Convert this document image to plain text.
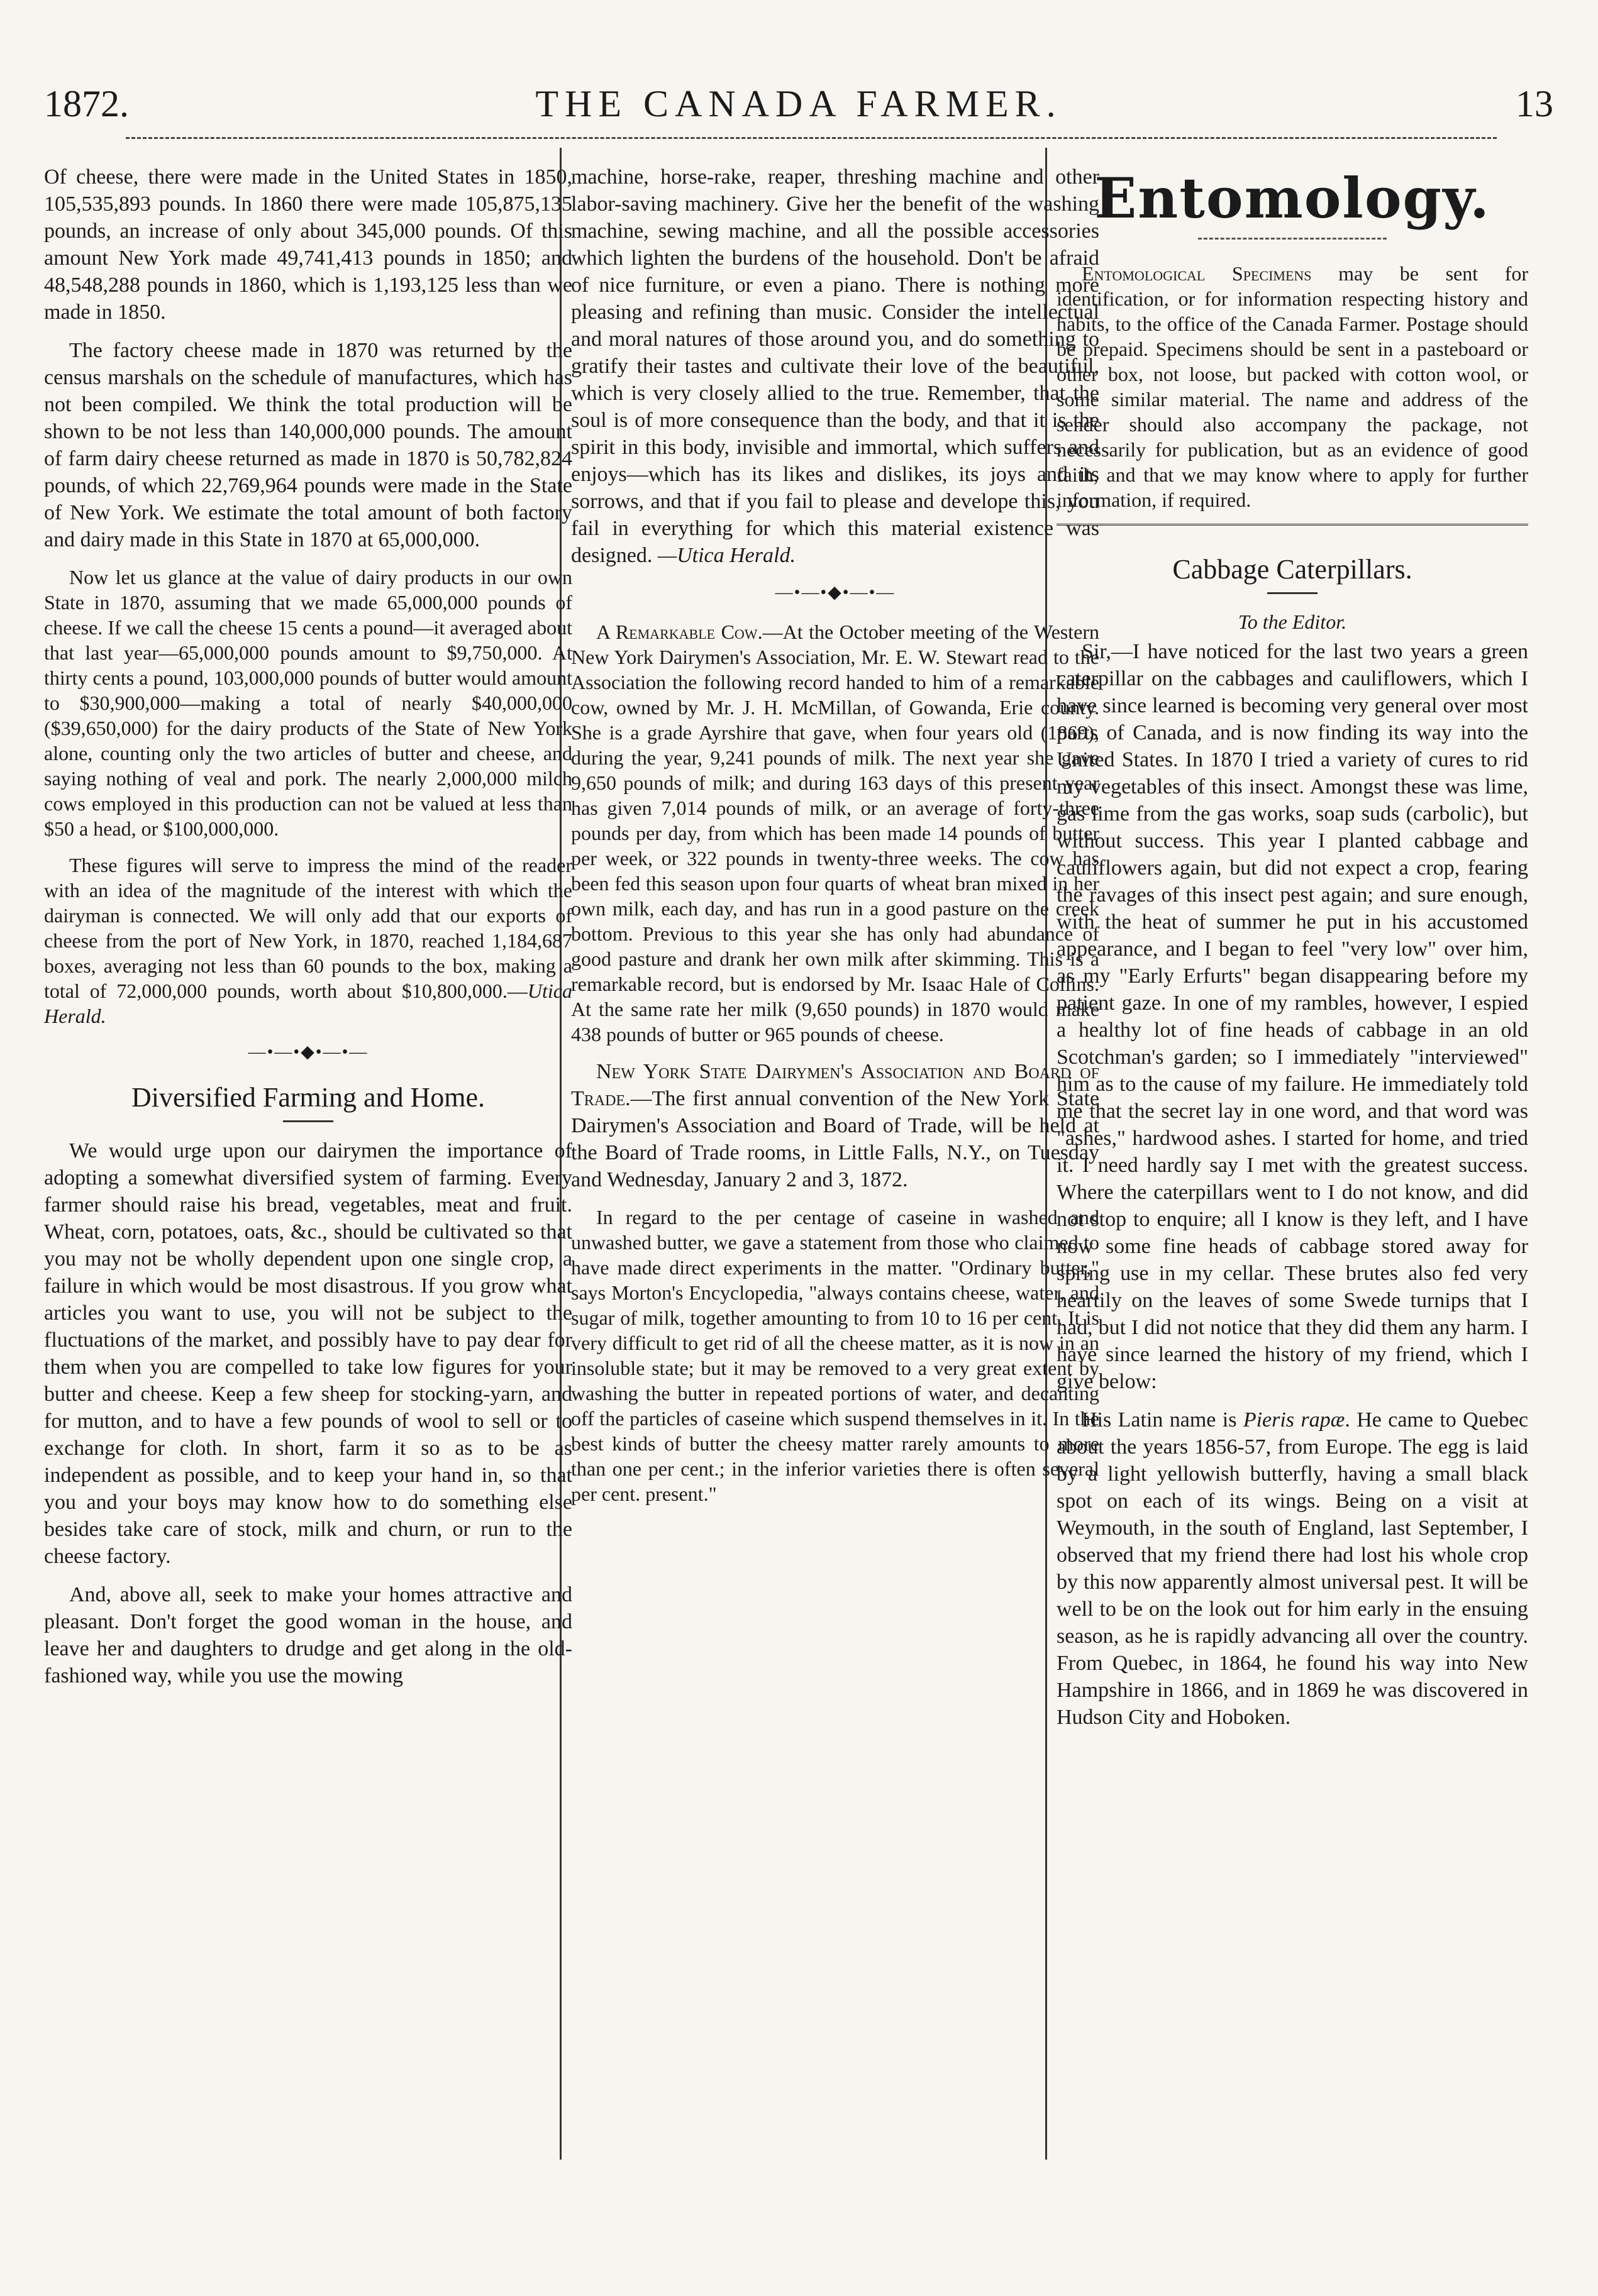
1872.	THE CANADA FARMER.	13

Of cheese, there were made in the United States in 1850, 105,535,893 pounds. In 1860 there were made 105,875,135 pounds, an increase of only about 345,000 pounds. Of this amount New York made 49,741,413 pounds in 1850; and 48,548,288 pounds in 1860, which is 1,193,125 less than we made in 1850.

The factory cheese made in 1870 was returned by the census marshals on the schedule of manufactures, which has not been compiled. We think the total production will be shown to be not less than 140,000,000 pounds. The amount of farm dairy cheese returned as made in 1870 is 50,782,824 pounds, of which 22,769,964 pounds were made in the State of New York. We estimate the total amount of both factory and dairy made in this State in 1870 at 65,000,000.

Now let us glance at the value of dairy products in our own State in 1870, assuming that we made 65,000,000 pounds of cheese. If we call the cheese 15 cents a pound—it averaged about that last year—65,000,000 pounds amount to $9,750,000. At thirty cents a pound, 103,000,000 pounds of butter would amount to $30,900,000—making a total of nearly $40,000,000 ($39,650,000) for the dairy products of the State of New York alone, counting only the two articles of butter and cheese, and saying nothing of veal and pork. The nearly 2,000,000 milch cows employed in this production can not be valued at less than $50 a head, or $100,000,000.

These figures will serve to impress the mind of the reader with an idea of the magnitude of the interest with which the dairyman is connected. We will only add that our exports of cheese from the port of New York, in 1870, reached 1,184,687 boxes, averaging not less than 60 pounds to the box, making a total of 72,000,000 pounds, worth about $10,800,000.—Utica Herald.

—•—•◆•—•—
Diversified Farming and Home.

We would urge upon our dairymen the importance of adopting a somewhat diversified system of farming. Every farmer should raise his bread, vegetables, meat and fruit. Wheat, corn, potatoes, oats, &c., should be cultivated so that you may not be wholly dependent upon one single crop, a failure in which would be most disastrous. If you grow what articles you want to use, you will not be subject to the fluctuations of the market, and possibly have to pay dear for them when you are compelled to take low figures for your butter and cheese. Keep a few sheep for stocking-yarn, and for mutton, and to have a few pounds of wool to sell or to exchange for cloth. In short, farm it so as to be as independent as possible, and to keep your hand in, so that you and your boys may know how to do something else besides take care of stock, milk and churn, or run to the cheese factory.

And, above all, seek to make your homes attractive and pleasant. Don't forget the good woman in the house, and leave her and daughters to drudge and get along in the old-fashioned way, while you use the mowing

machine, horse-rake, reaper, threshing machine and other labor-saving machinery. Give her the benefit of the washing machine, sewing machine, and all the possible accessories which lighten the burdens of the household. Don't be afraid of nice furniture, or even a piano. There is nothing more pleasing and refining than music. Consider the intellectual and moral natures of those around you, and do something to gratify their tastes and cultivate their love of the beautiful, which is very closely allied to the true. Remember, that the soul is of more consequence than the body, and that it is the spirit in this body, invisible and immortal, which suffers and enjoys—which has its likes and dislikes, its joys and its sorrows, and that if you fail to please and develope this, you fail in everything for which this material existence was designed. —Utica Herald.

—•—•◆•—•—

A Remarkable Cow.—At the October meeting of the Western New York Dairymen's Association, Mr. E. W. Stewart read to the Association the following record handed to him of a remarkable cow, owned by Mr. J. H. McMillan, of Gowanda, Erie county. She is a grade Ayrshire that gave, when four years old (1869), during the year, 9,241 pounds of milk. The next year she gave 9,650 pounds of milk; and during 163 days of this present year has given 7,014 pounds of milk, or an average of forty-three pounds per day, from which has been made 14 pounds of butter per week, or 322 pounds in twenty-three weeks. The cow has been fed this season upon four quarts of wheat bran mixed in her own milk, each day, and has run in a good pasture on the creek bottom. Previous to this year she has only had abundance of good pasture and drank her own milk after skimming. This is a remarkable record, but is endorsed by Mr. Isaac Hale of Collins. At the same rate her milk (9,650 pounds) in 1870 would make 438 pounds of butter or 965 pounds of cheese.

New York State Dairymen's Association and Board of Trade.—The first annual convention of the New York State Dairymen's Association and Board of Trade, will be held at the Board of Trade rooms, in Little Falls, N.Y., on Tuesday and Wednesday, January 2 and 3, 1872.

In regard to the per centage of caseine in washed and unwashed butter, we gave a statement from those who claimed to have made direct experiments in the matter. "Ordinary butter," says Morton's Encyclopedia, "always contains cheese, water, and sugar of milk, together amounting to from 10 to 16 per cent. It is very difficult to get rid of all the cheese matter, as it is now in an insoluble state; but it may be removed to a very great extent by washing the butter in repeated portions of water, and decanting off the particles of caseine which suspend themselves in it. In the best kinds of butter the cheesy matter rarely amounts to more than one per cent.; in the inferior varieties there is often several per cent. present."

Entomology.

Entomological Specimens may be sent for identification, or for information respecting history and habits, to the office of the Canada Farmer. Postage should be prepaid. Specimens should be sent in a pasteboard or other box, not loose, but packed with cotton wool, or some similar material. The name and address of the sender should also accompany the package, not necessarily for publication, but as an evidence of good faith, and that we may know where to apply for further information, if required.

Cabbage Caterpillars.
To the Editor.

Sir,—I have noticed for the last two years a green caterpillar on the cabbages and cauliflowers, which I have since learned is becoming very general over most parts of Canada, and is now finding its way into the United States. In 1870 I tried a variety of cures to rid my vegetables of this insect. Amongst these was lime, gas lime from the gas works, soap suds (carbolic), but without success. This year I planted cabbage and cauliflowers again, but did not expect a crop, fearing the ravages of this insect pest again; and sure enough, with the heat of summer he put in his accustomed appearance, and I began to feel "very low" over him, as my "Early Erfurts" began disappearing before my patient gaze. In one of my rambles, however, I espied a healthy lot of fine heads of cabbage in an old Scotchman's garden; so I immediately "interviewed" him as to the cause of my failure. He immediately told me that the secret lay in one word, and that word was "ashes," hardwood ashes. I started for home, and tried it. I need hardly say I met with the greatest success. Where the caterpillars went to I do not know, and did not stop to enquire; all I know is they left, and I have now some fine heads of cabbage stored away for spring use in my cellar. These brutes also fed very heartily on the leaves of some Swede turnips that I had, but I did not notice that they did them any harm. I have since learned the history of my friend, which I give below:

His Latin name is Pieris rapæ. He came to Quebec about the years 1856-57, from Europe. The egg is laid by a light yellowish butterfly, having a small black spot on each of its wings. Being on a visit at Weymouth, in the south of England, last September, I observed that my friend there had lost his whole crop by this now apparently almost universal pest. It will be well to be on the look out for him early in the ensuing season, as he is rapidly advancing all over the country. From Quebec, in 1864, he found his way into New Hampshire in 1866, and in 1869 he was discovered in Hudson City and Hoboken.
